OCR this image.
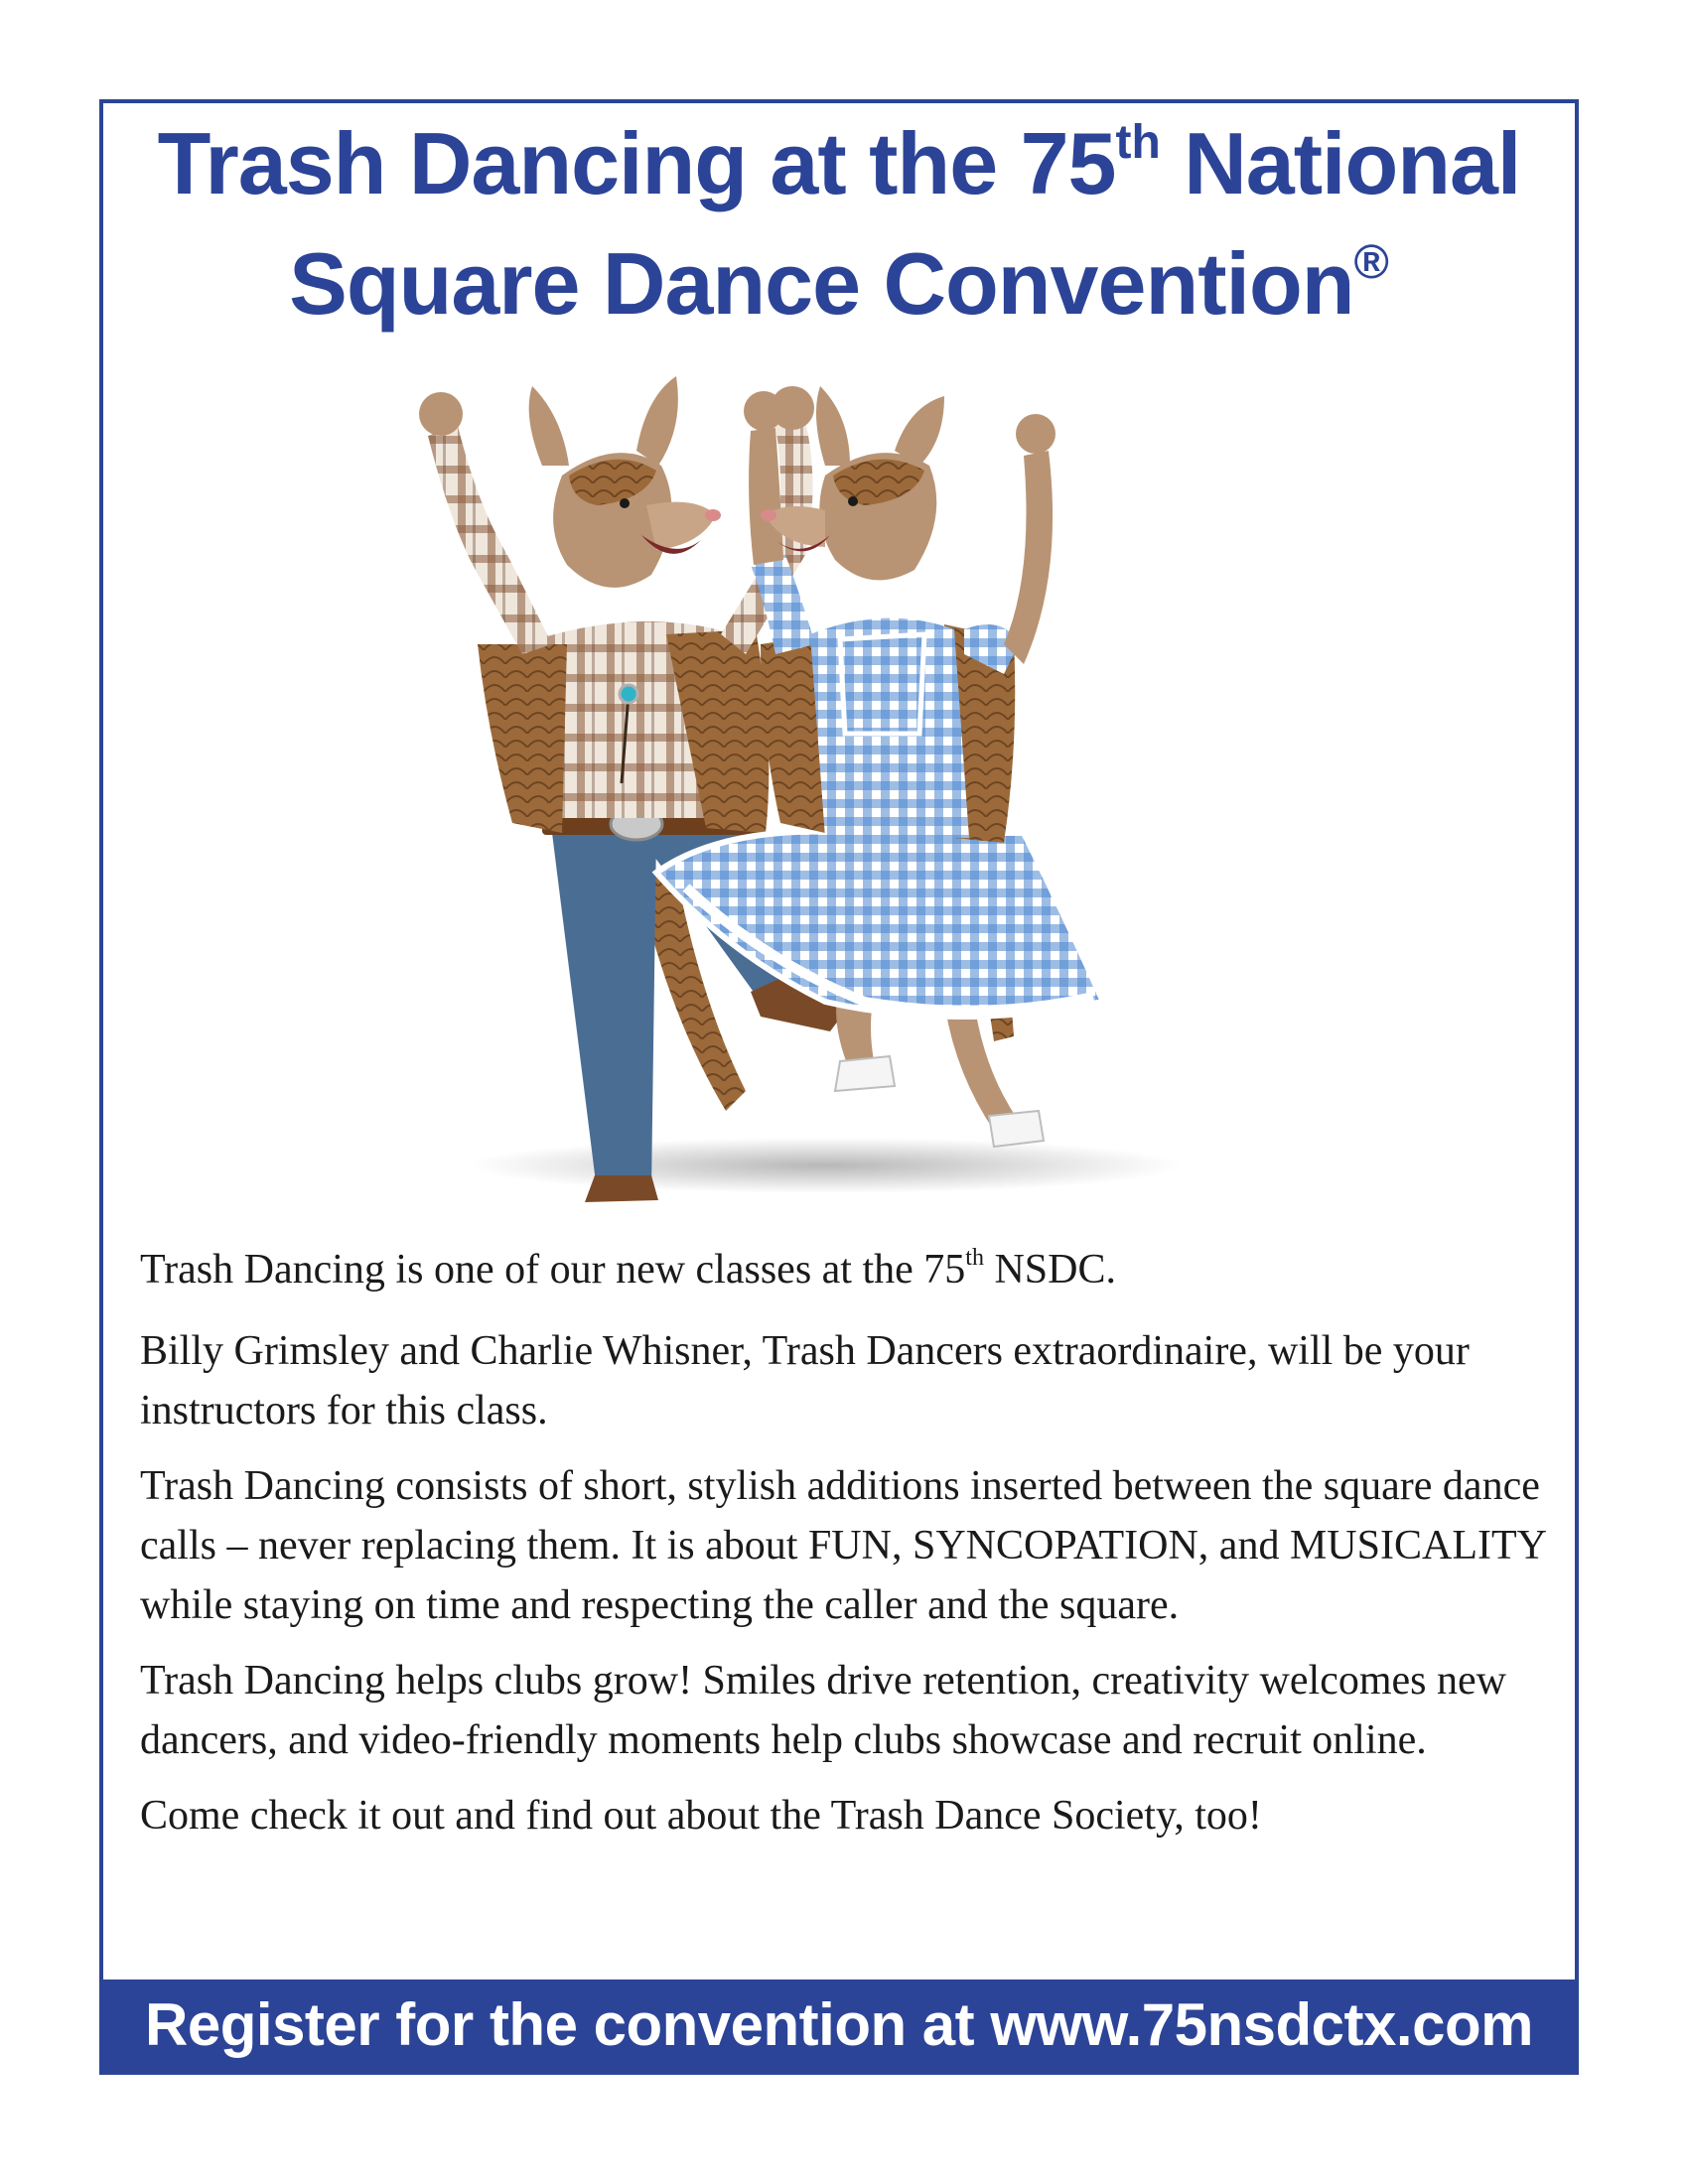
Trash Dancing at the 75th National
Square Dance Convention®

Trash Dancing is one of our new classes at the 75th NSDC.

Billy Grimsley and Charlie Whisner, Trash Dancers extraordinaire, will be your instructors for this class.

Trash Dancing consists of short, stylish additions inserted between the square dance calls – never replacing them. It is about FUN, SYNCOPATION, and MUSICALITY while staying on time and respecting the caller and the square.

Trash Dancing helps clubs grow! Smiles drive retention, creativity welcomes new dancers, and video-friendly moments help clubs showcase and recruit online.

Come check it out and find out about the Trash Dance Society, too!

Register for the convention at www.75nsdctx.com
